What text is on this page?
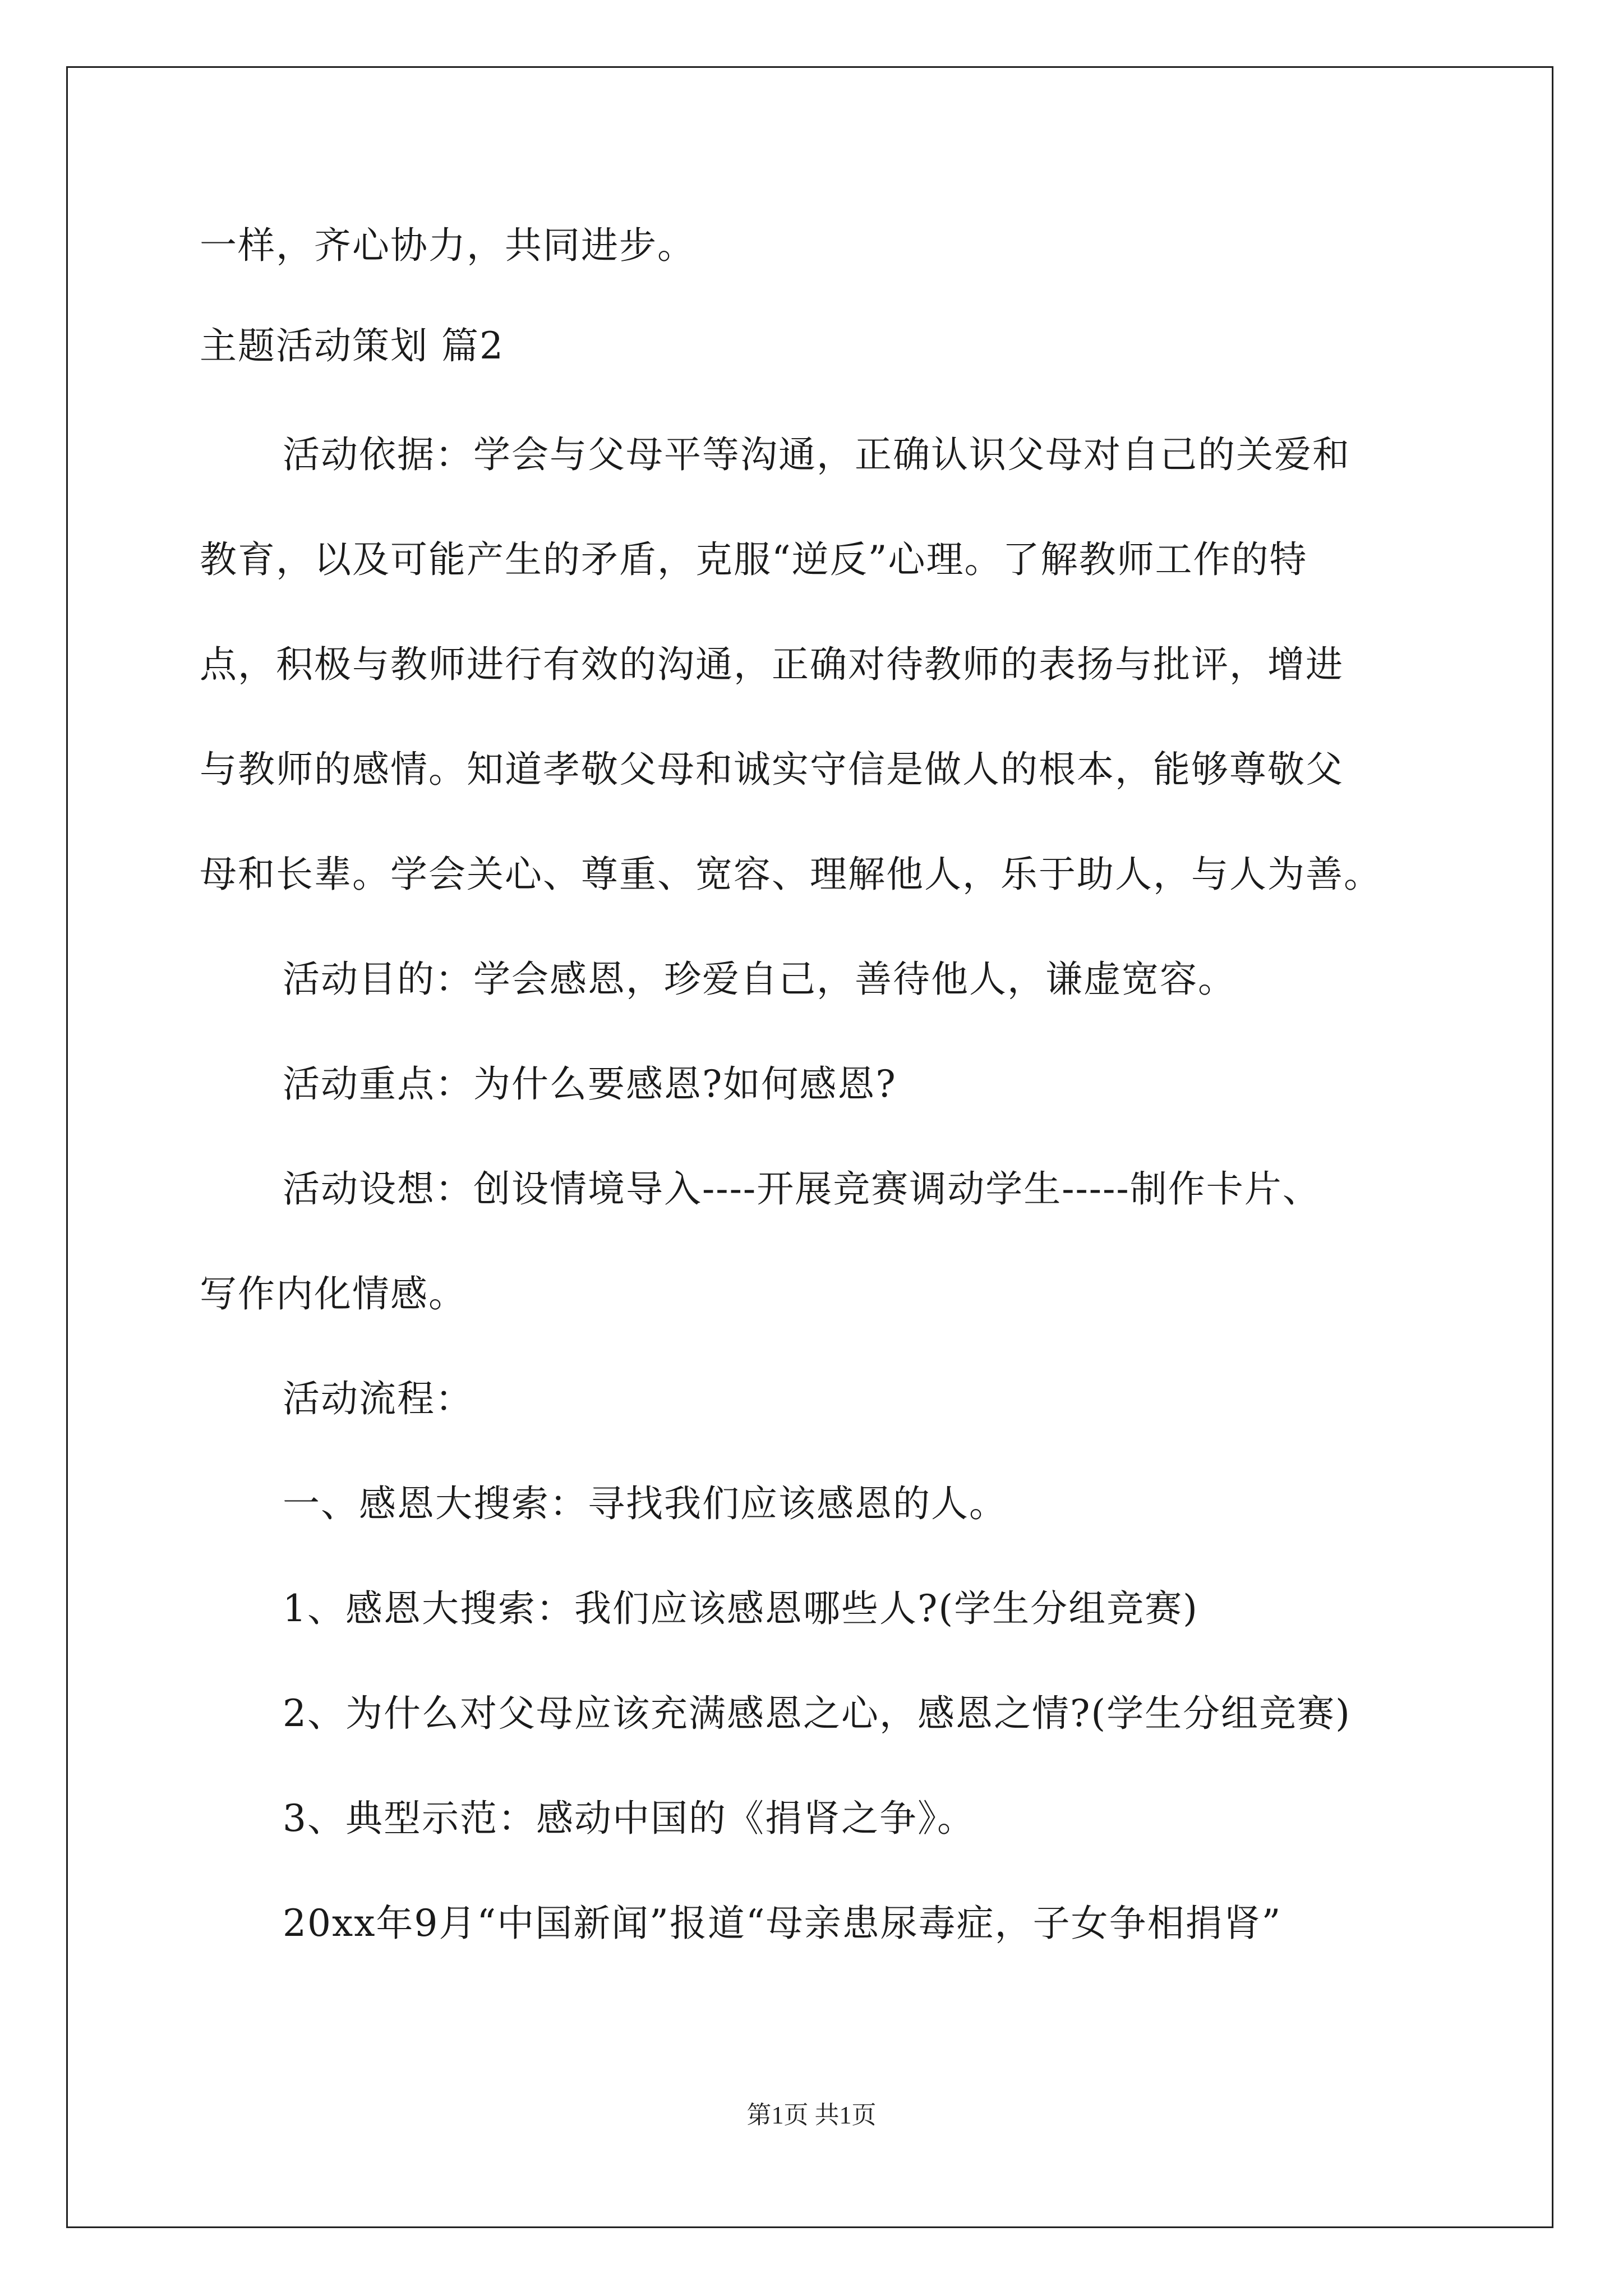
一样，齐心协力，共同进步。
主题活动策划 篇2
活动依据：学会与父母平等沟通，正确认识父母对自己的关爱和
教育，以及可能产生的矛盾，克服“逆反”心理。了解教师工作的特
点，积极与教师进行有效的沟通，正确对待教师的表扬与批评，增进
与教师的感情。知道孝敬父母和诚实守信是做人的根本，能够尊敬父
母和长辈。学会关心、尊重、宽容、理解他人，乐于助人，与人为善。
活动目的：学会感恩，珍爱自己，善待他人，谦虚宽容。
活动重点：为什么要感恩?如何感恩?
活动设想：创设情境导入----开展竞赛调动学生-----制作卡片、
写作内化情感。
活动流程：
一、感恩大搜索：寻找我们应该感恩的人。
1、感恩大搜索：我们应该感恩哪些人?(学生分组竞赛)
2、为什么对父母应该充满感恩之心，感恩之情?(学生分组竞赛)
3、典型示范：感动中国的《捐肾之争》。
20xx年9月“中国新闻”报道“母亲患尿毒症，子女争相捐肾”
第1页 共1页
